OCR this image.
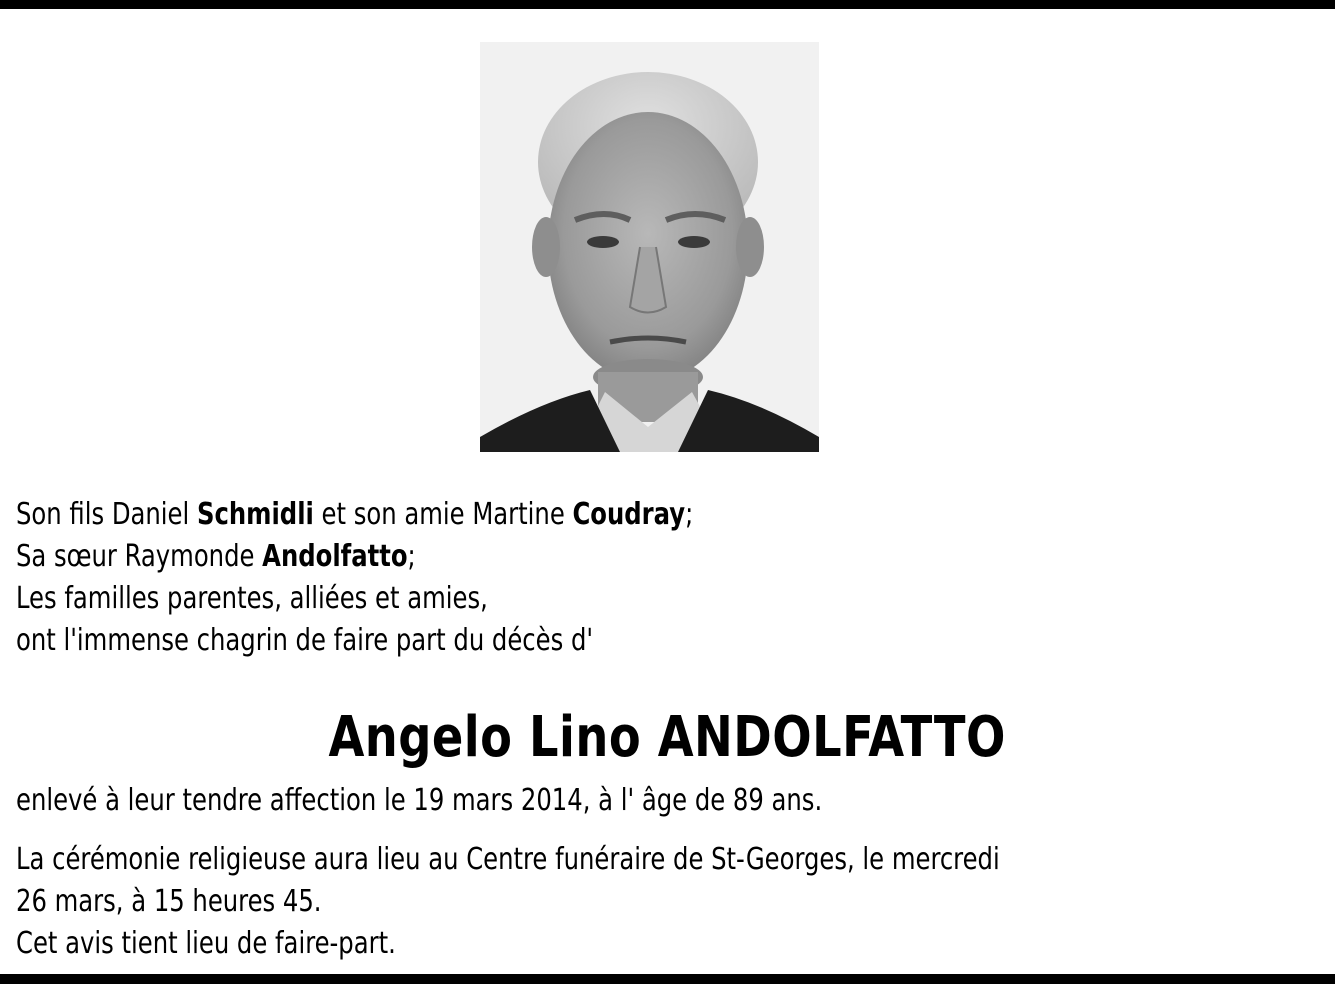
Son fils Daniel Schmidli et son amie Martine Coudray;
Sa sœur Raymonde Andolfatto;
Les familles parentes, alliées et amies,
ont l'immense chagrin de faire part du décès d'
Angelo Lino ANDOLFATTO
enlevé à leur tendre affection le 19 mars 2014, à l' âge de 89 ans.
La cérémonie religieuse aura lieu au Centre funéraire de St-Georges, le mercredi
26 mars, à 15 heures 45.
Cet avis tient lieu de faire-part.
